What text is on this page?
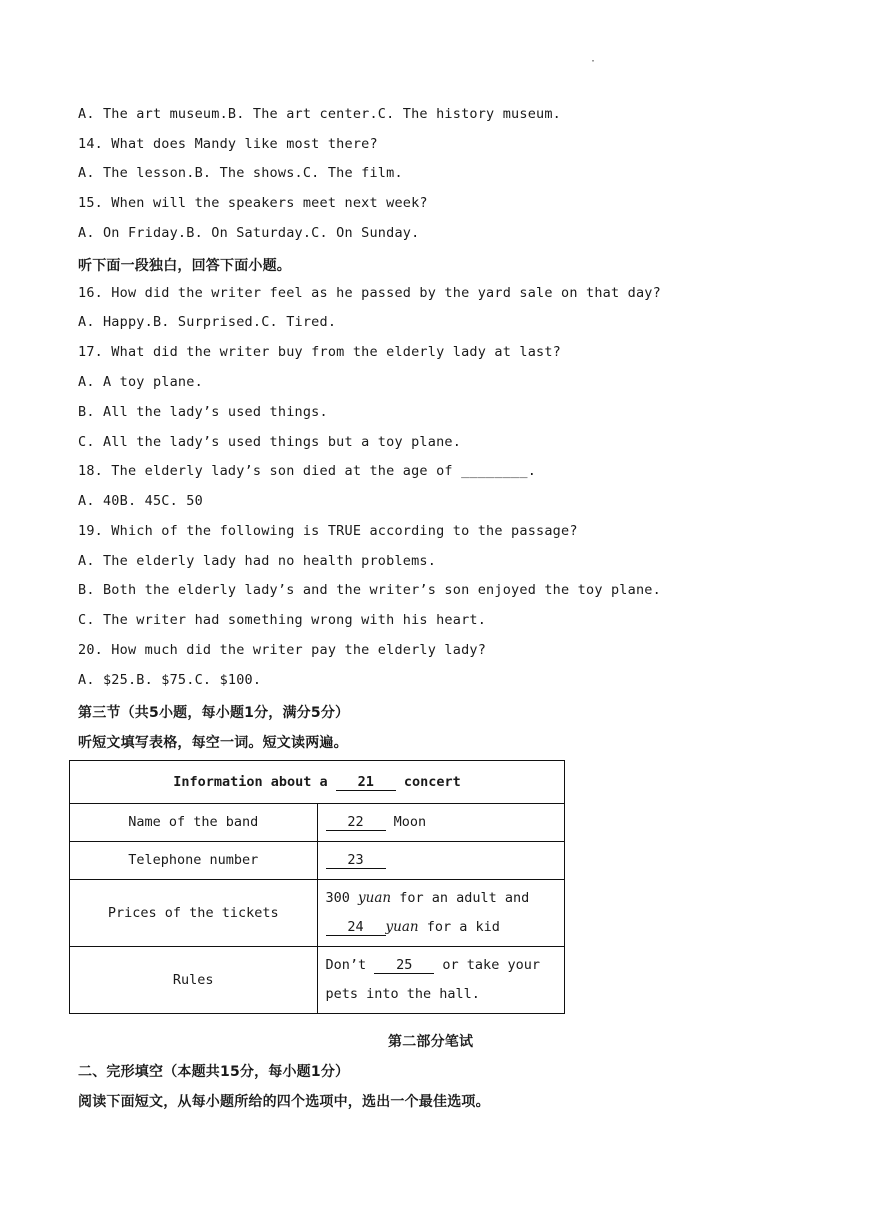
·
A. The art museum.B. The art center.C. The history museum.
14. What does Mandy like most there?
A. The lesson.B. The shows.C. The film.
15. When will the speakers meet next week?
A. On Friday.B. On Saturday.C. On Sunday.
听下面一段独白，回答下面小题。
16. How did the writer feel as he passed by the yard sale on that day?
A. Happy.B. Surprised.C. Tired.
17. What did the writer buy from the elderly lady at last?
A. A toy plane.
B. All the lady’s used things.
C. All the lady’s used things but a toy plane.
18. The elderly lady’s son died at the age of ________.
A. 40B. 45C. 50
19. Which of the following is TRUE according to the passage?
A. The elderly lady had no health problems.
B. Both the elderly lady’s and the writer’s son enjoyed the toy plane.
C. The writer had something wrong with his heart.
20. How much did the writer pay the elderly lady?
A. $25.B. $75.C. $100.
第三节（共5小题，每小题1分，满分5分）
听短文填写表格，每空一词。短文读两遍。
Information about a 21 concert	
Name of the band	22 Moon
Telephone number	23
Prices of the tickets	300 yuan for an adult and 24 yuan for a kid
Rules	Don’t 25 or take your pets into the hall.
第二部分笔试
二、完形填空（本题共15分，每小题1分）
阅读下面短文，从每小题所给的四个选项中，选出一个最佳选项。
